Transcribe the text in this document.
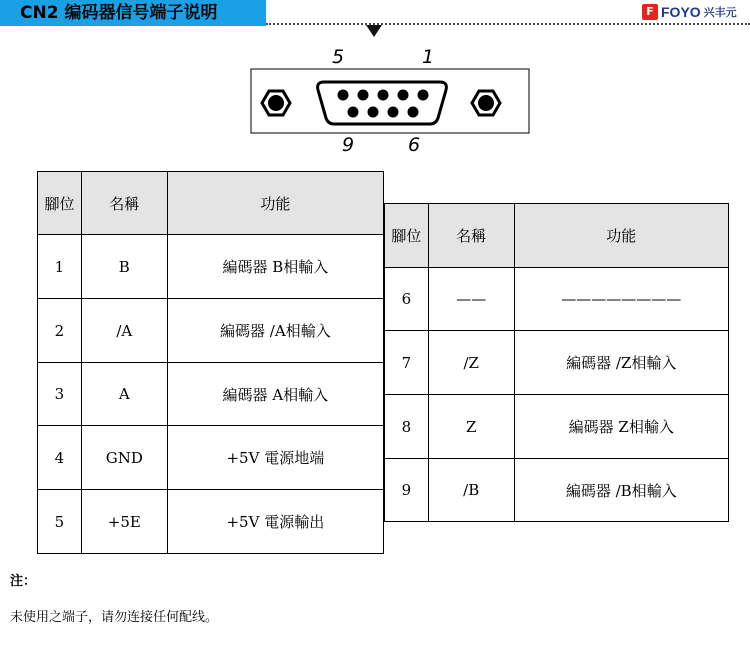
CN2 编码器信号端子说明	F FOYO 兴丰元
5	1
9	6
腳位	名稱	功能
1	B	編碼器 B相輸入
2	/A	編碼器 /A相輸入
3	A	編碼器 A相輸入
4	GND	+5V 電源地端
5	+5E	+5V 電源輸出
腳位	名稱	功能
6	——	————————
7	/Z	編碼器 /Z相輸入
8	Z	編碼器 Z相輸入
9	/B	編碼器 /B相輸入
注：
未使用之端子，请勿连接任何配线。
